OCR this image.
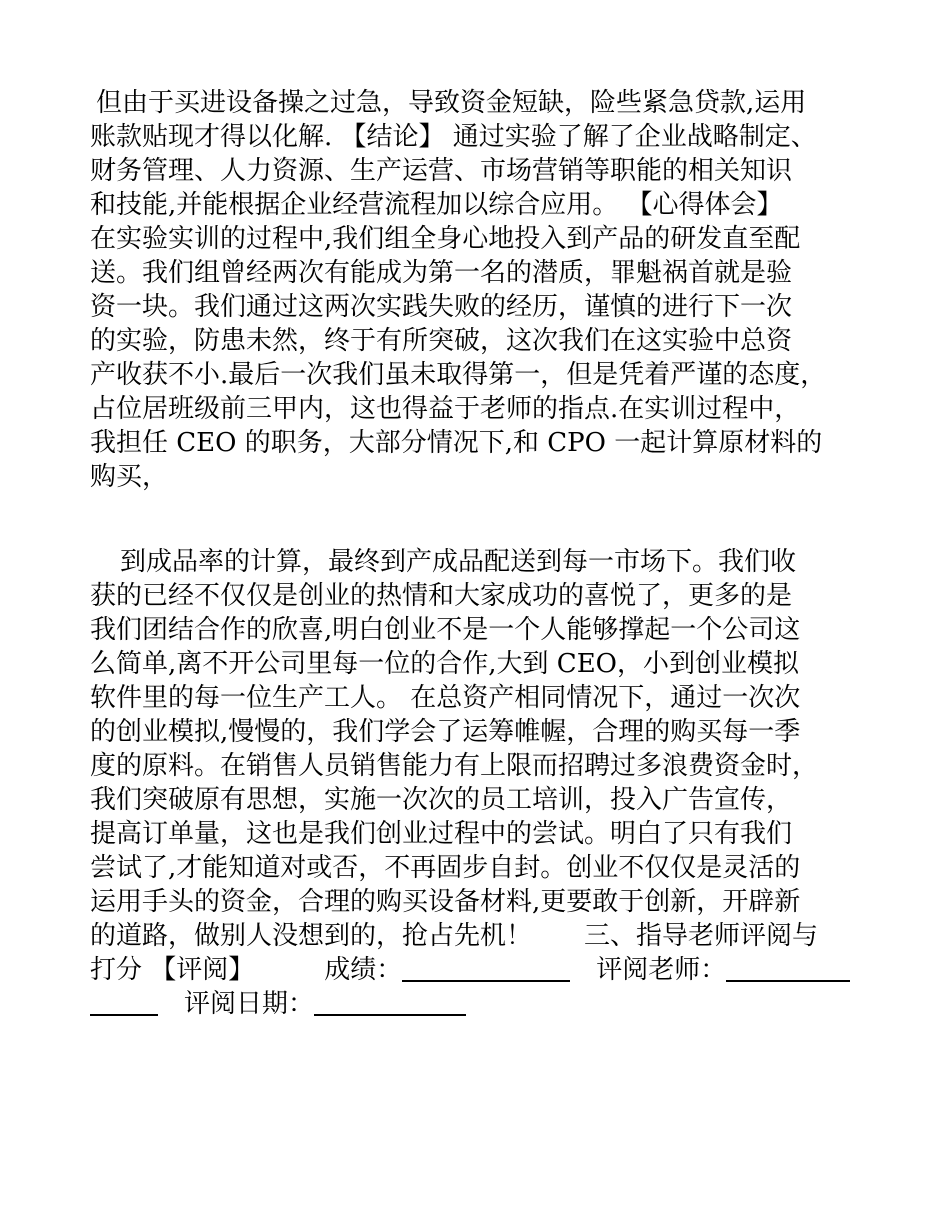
但由于买进设备操之过急，导致资金短缺，险些紧急贷款,运用
账款贴现才得以化解. 【结论】 通过实验了解了企业战略制定、
财务管理、人力资源、生产运营、市场营销等职能的相关知识
和技能,并能根据企业经营流程加以综合应用。 【心得体会】
在实验实训的过程中,我们组全身心地投入到产品的研发直至配
送。我们组曾经两次有能成为第一名的潜质，罪魁祸首就是验
资一块。我们通过这两次实践失败的经历，谨慎的进行下一次
的实验，防患未然，终于有所突破，这次我们在这实验中总资
产收获不小.最后一次我们虽未取得第一，但是凭着严谨的态度，
占位居班级前三甲内，这也得益于老师的指点.在实训过程中，
我担任 CEO 的职务，大部分情况下,和 CPO 一起计算原材料的
购买，
到成品率的计算，最终到产成品配送到每一市场下。我们收
获的已经不仅仅是创业的热情和大家成功的喜悦了，更多的是
我们团结合作的欣喜,明白创业不是一个人能够撑起一个公司这
么简单,离不开公司里每一位的合作,大到 CEO，小到创业模拟
软件里的每一位生产工人。 在总资产相同情况下，通过一次次
的创业模拟,慢慢的，我们学会了运筹帷幄，合理的购买每一季
度的原料。在销售人员销售能力有上限而招聘过多浪费资金时，
我们突破原有思想，实施一次次的员工培训，投入广告宣传，
提高订单量，这也是我们创业过程中的尝试。明白了只有我们
尝试了,才能知道对或否，不再固步自封。创业不仅仅是灵活的
运用手头的资金，合理的购买设备材料,更要敢于创新，开辟新
的道路，做别人没想到的，抢占先机！　　三、指导老师评阅与
打分 【评阅】	成绩：	评阅老师：
评阅日期：
